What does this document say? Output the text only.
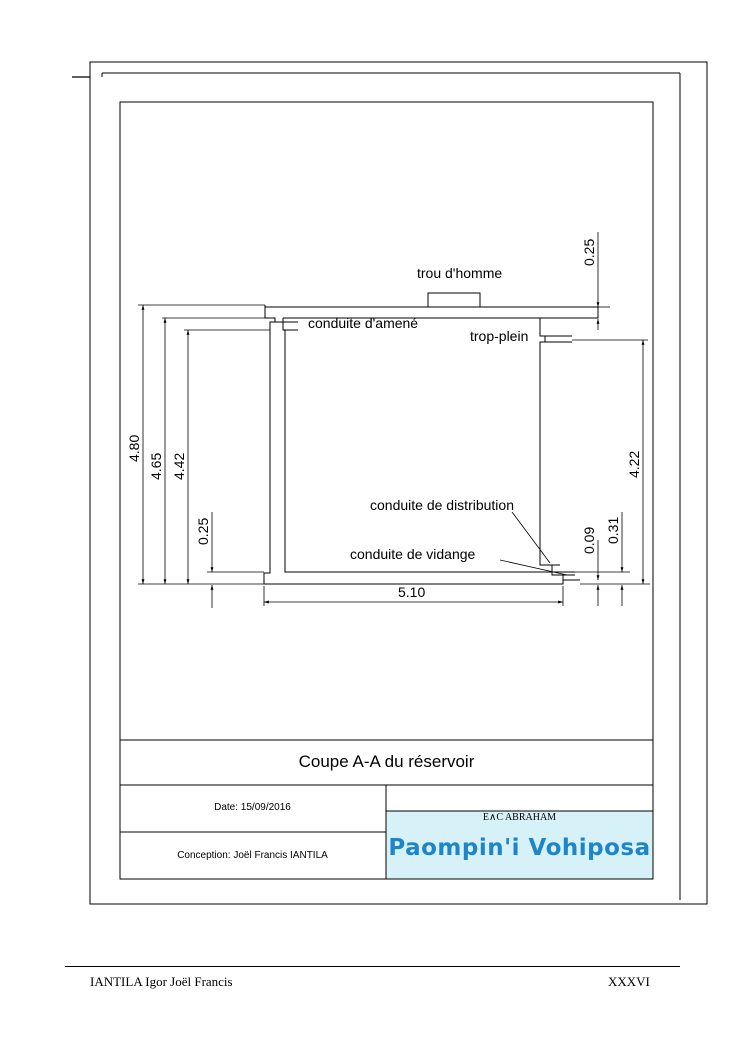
trou d'homme
conduite d'amené
trop-plein
conduite de distribution
conduite de vidange
4.80
4.65 4.42
0.25
0.25
4.22
0.09 0.31
5.10
Coupe A-A du réservoir
Date: 15/09/2016
Conception: Joël Francis IANTILA
E∧C ABRAHAM
Paompin'i Vohiposa
IANTILA Igor Joël Francis	XXXVI
